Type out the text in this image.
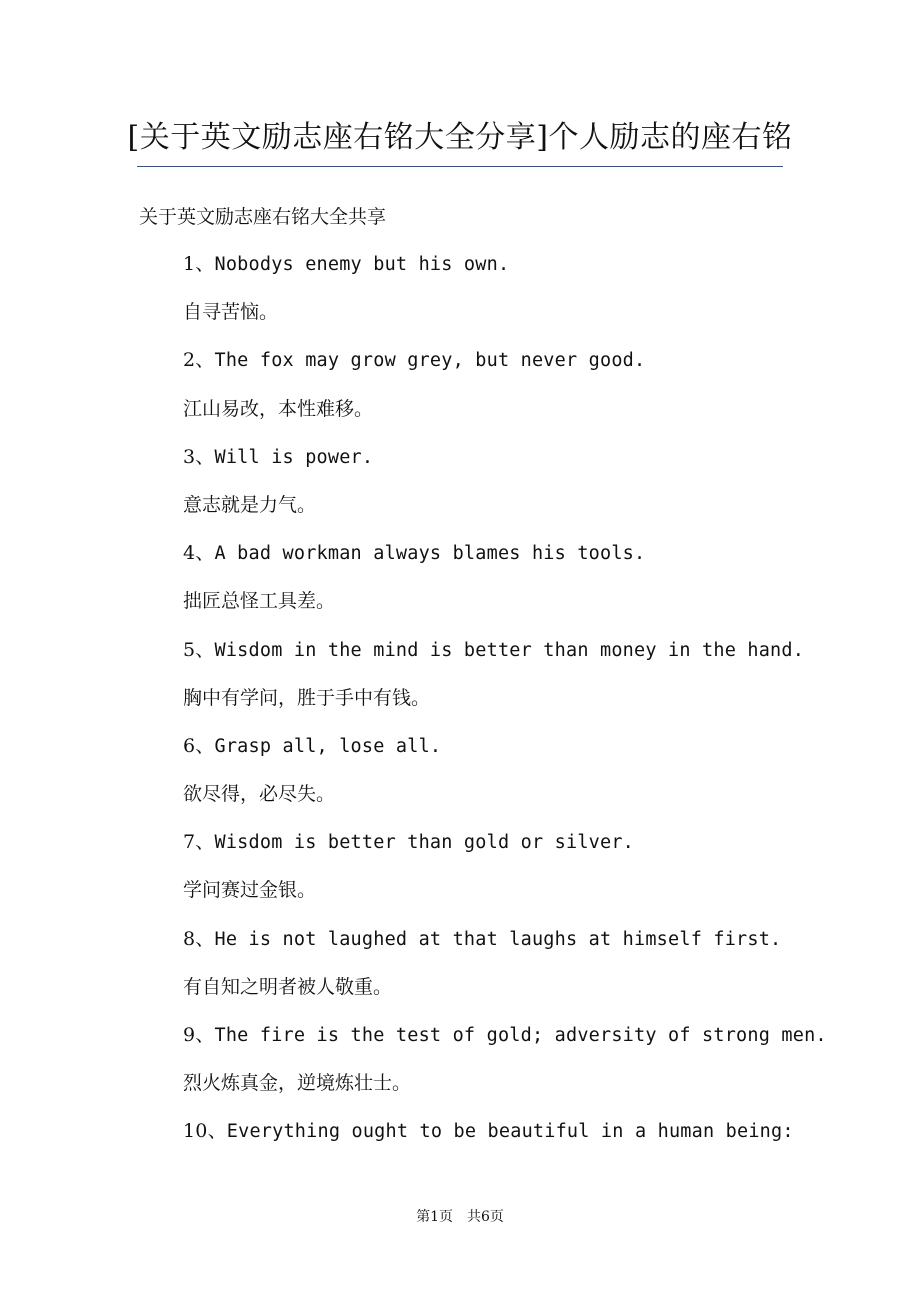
[关于英文励志座右铭大全分享]个人励志的座右铭
关于英文励志座右铭大全共享
1、Nobodys enemy but his own.
自寻苦恼。
2、The fox may grow grey, but never good.
江山易改，本性难移。
3、Will is power.
意志就是力气。
4、A bad workman always blames his tools.
拙匠总怪工具差。
5、Wisdom in the mind is better than money in the hand.
胸中有学问，胜于手中有钱。
6、Grasp all, lose all.
欲尽得，必尽失。
7、Wisdom is better than gold or silver.
学问赛过金银。
8、He is not laughed at that laughs at himself first.
有自知之明者被人敬重。
9、The fire is the test of gold; adversity of strong men.
烈火炼真金，逆境炼壮士。
10、Everything ought to be beautiful in a human being:
第1页 共6页
